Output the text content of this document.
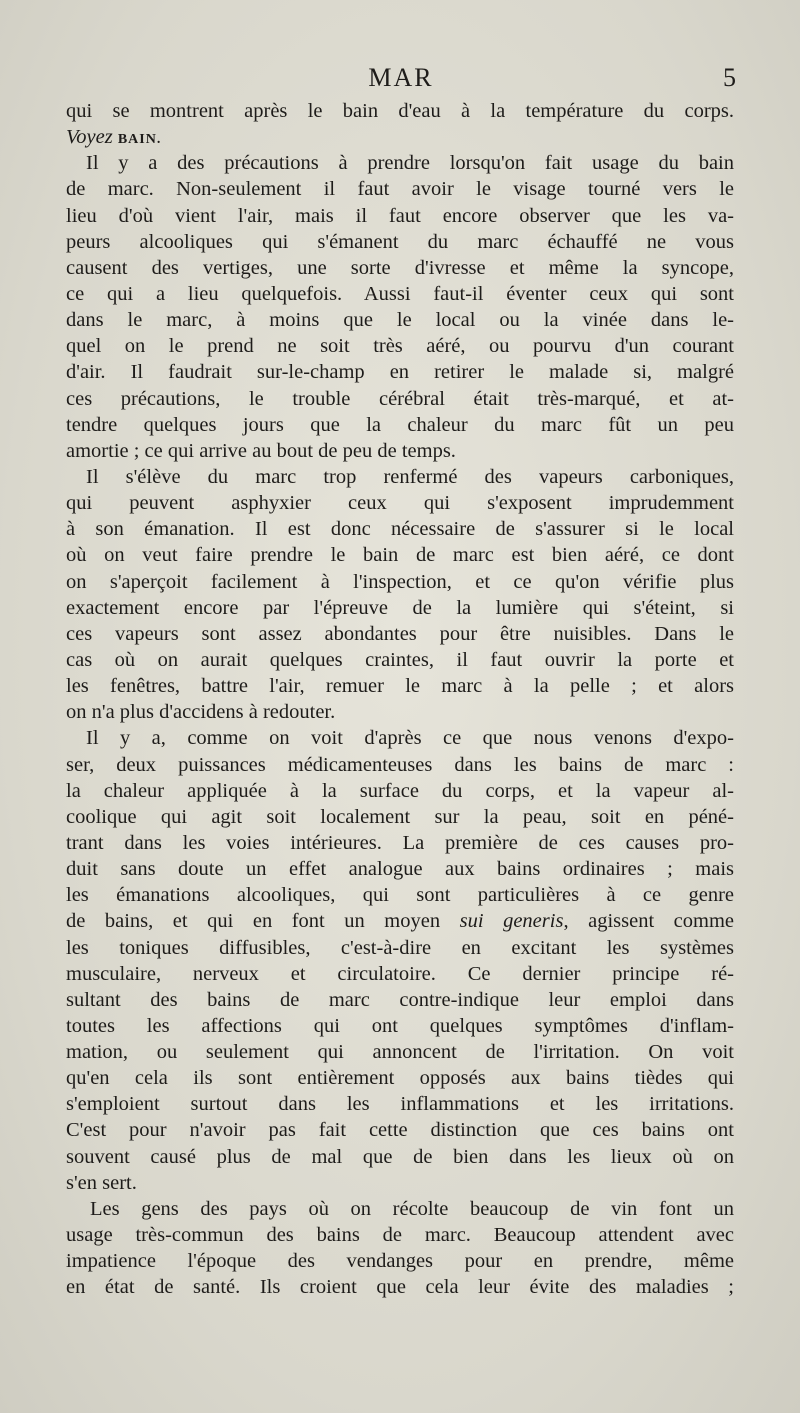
MAR	5
qui se montrent après le bain d'eau à la température du corps.
Voyez BAIN.
Il y a des précautions à prendre lorsqu'on fait usage du bain
de marc. Non-seulement il faut avoir le visage tourné vers le
lieu d'où vient l'air, mais il faut encore observer que les va-
peurs alcooliques qui s'émanent du marc échauffé ne vous
causent des vertiges, une sorte d'ivresse et même la syncope,
ce qui a lieu quelquefois. Aussi faut-il éventer ceux qui sont
dans le marc, à moins que le local ou la vinée dans le-
quel on le prend ne soit très aéré, ou pourvu d'un courant
d'air. Il faudrait sur-le-champ en retirer le malade si, malgré
ces précautions, le trouble cérébral était très-marqué, et at-
tendre quelques jours que la chaleur du marc fût un peu
amortie ; ce qui arrive au bout de peu de temps.
Il s'élève du marc trop renfermé des vapeurs carboniques,
qui peuvent asphyxier ceux qui s'exposent imprudemment
à son émanation. Il est donc nécessaire de s'assurer si le local
où on veut faire prendre le bain de marc est bien aéré, ce dont
on s'aperçoit facilement à l'inspection, et ce qu'on vérifie plus
exactement encore par l'épreuve de la lumière qui s'éteint, si
ces vapeurs sont assez abondantes pour être nuisibles. Dans le
cas où on aurait quelques craintes, il faut ouvrir la porte et
les fenêtres, battre l'air, remuer le marc à la pelle ; et alors
on n'a plus d'accidens à redouter.
Il y a, comme on voit d'après ce que nous venons d'expo-
ser, deux puissances médicamenteuses dans les bains de marc :
la chaleur appliquée à la surface du corps, et la vapeur al-
coolique qui agit soit localement sur la peau, soit en péné-
trant dans les voies intérieures. La première de ces causes pro-
duit sans doute un effet analogue aux bains ordinaires ; mais
les émanations alcooliques, qui sont particulières à ce genre
de bains, et qui en font un moyen sui generis, agissent comme
les toniques diffusibles, c'est-à-dire en excitant les systèmes
musculaire, nerveux et circulatoire. Ce dernier principe ré-
sultant des bains de marc contre-indique leur emploi dans
toutes les affections qui ont quelques symptômes d'inflam-
mation, ou seulement qui annoncent de l'irritation. On voit
qu'en cela ils sont entièrement opposés aux bains tièdes qui
s'emploient surtout dans les inflammations et les irritations.
C'est pour n'avoir pas fait cette distinction que ces bains ont
souvent causé plus de mal que de bien dans les lieux où on
s'en sert.
Les gens des pays où on récolte beaucoup de vin font un
usage très-commun des bains de marc. Beaucoup attendent avec
impatience l'époque des vendanges pour en prendre, même
en état de santé. Ils croient que cela leur évite des maladies ;
